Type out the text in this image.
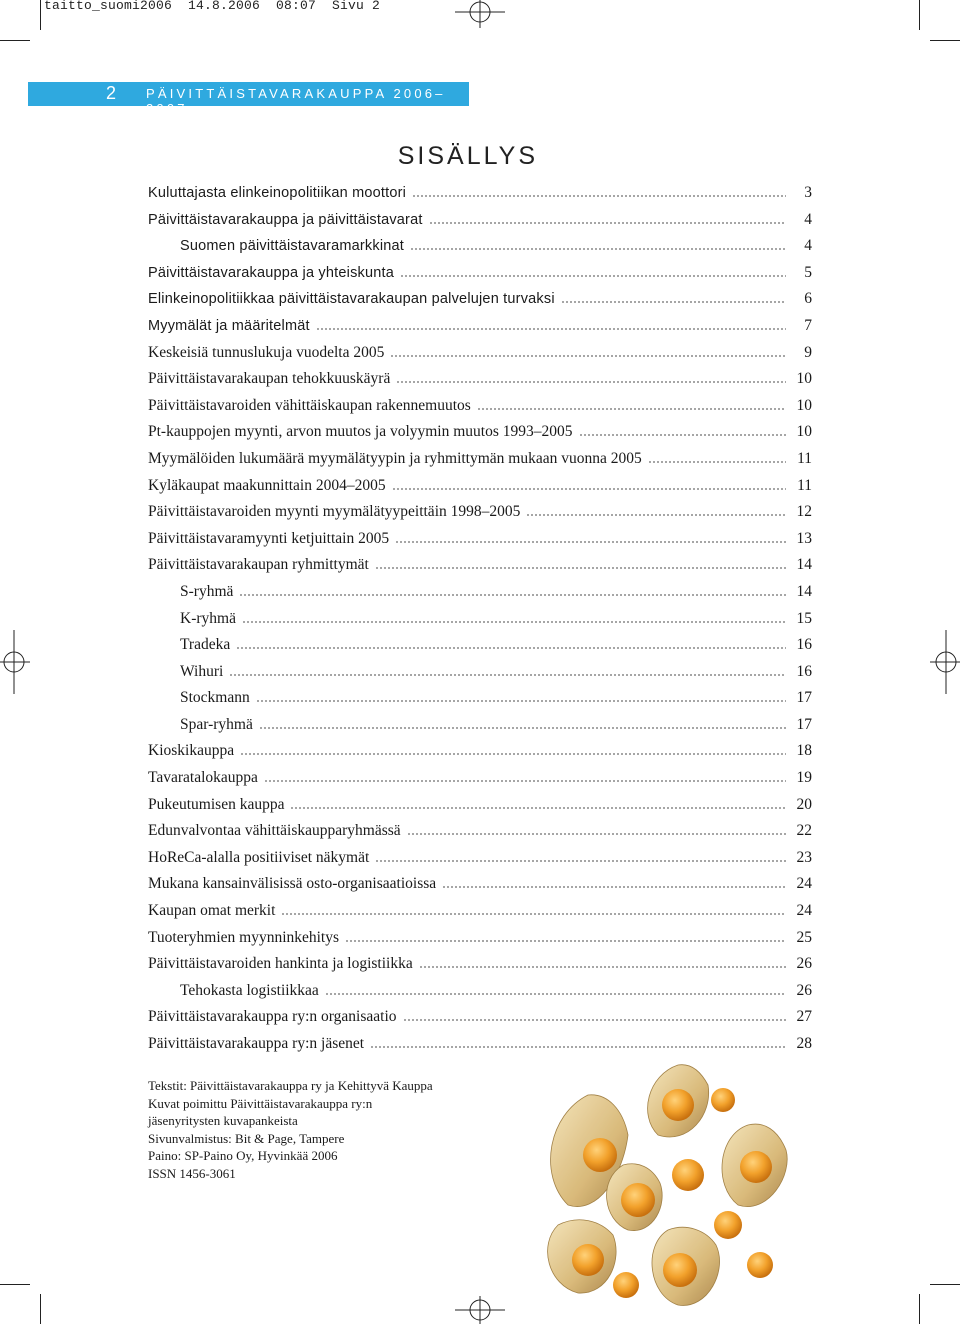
taitto_suomi2006  14.8.2006  08:07  Sivu 2
2 PÄIVITTÄISTAVARAKAUPPA 2006–2007
SISÄLLYS
Kuluttajasta elinkeinopolitiikan moottori	3
Päivittäistavarakauppa ja päivittäistavarat	4
Suomen päivittäistavaramarkkinat	4
Päivittäistavarakauppa ja yhteiskunta	5
Elinkeinopolitiikkaa päivittäistavarakaupan palvelujen turvaksi	6
Myymälät ja määritelmät	7
Keskeisiä tunnuslukuja vuodelta 2005	9
Päivittäistavarakaupan tehokkuuskäyrä	10
Päivittäistavaroiden vähittäiskaupan rakennemuutos	10
Pt-kauppojen myynti, arvon muutos ja volyymin muutos 1993–2005	10
Myymälöiden lukumäärä myymälätyypin ja ryhmittymän mukaan vuonna 2005	11
Kyläkaupat maakunnittain 2004–2005	11
Päivittäistavaroiden myynti myymälätyypeittäin 1998–2005	12
Päivittäistavaramyynti ketjuittain 2005	13
Päivittäistavarakaupan ryhmittymät	14
S-ryhmä	14
K-ryhmä	15
Tradeka	16
Wihuri	16
Stockmann	17
Spar-ryhmä	17
Kioskikauppa	18
Tavaratalokauppa	19
Pukeutumisen kauppa	20
Edunvalvontaa vähittäiskaupparyhmässä	22
HoReCa-alalla positiiviset näkymät	23
Mukana kansainvälisissä osto-organisaatioissa	24
Kaupan omat merkit	24
Tuoteryhmien myynninkehitys	25
Päivittäistavaroiden hankinta ja logistiikka	26
Tehokasta logistiikkaa	26
Päivittäistavarakauppa ry:n organisaatio	27
Päivittäistavarakauppa ry:n jäsenet	28
Tekstit: Päivittäistavarakauppa ry ja Kehittyvä Kauppa
Kuvat poimittu Päivittäistavarakauppa ry:n
jäsenyritysten kuvapankeista
Sivunvalmistus: Bit & Page, Tampere
Paino: SP-Paino Oy, Hyvinkää 2006
ISSN 1456-3061
